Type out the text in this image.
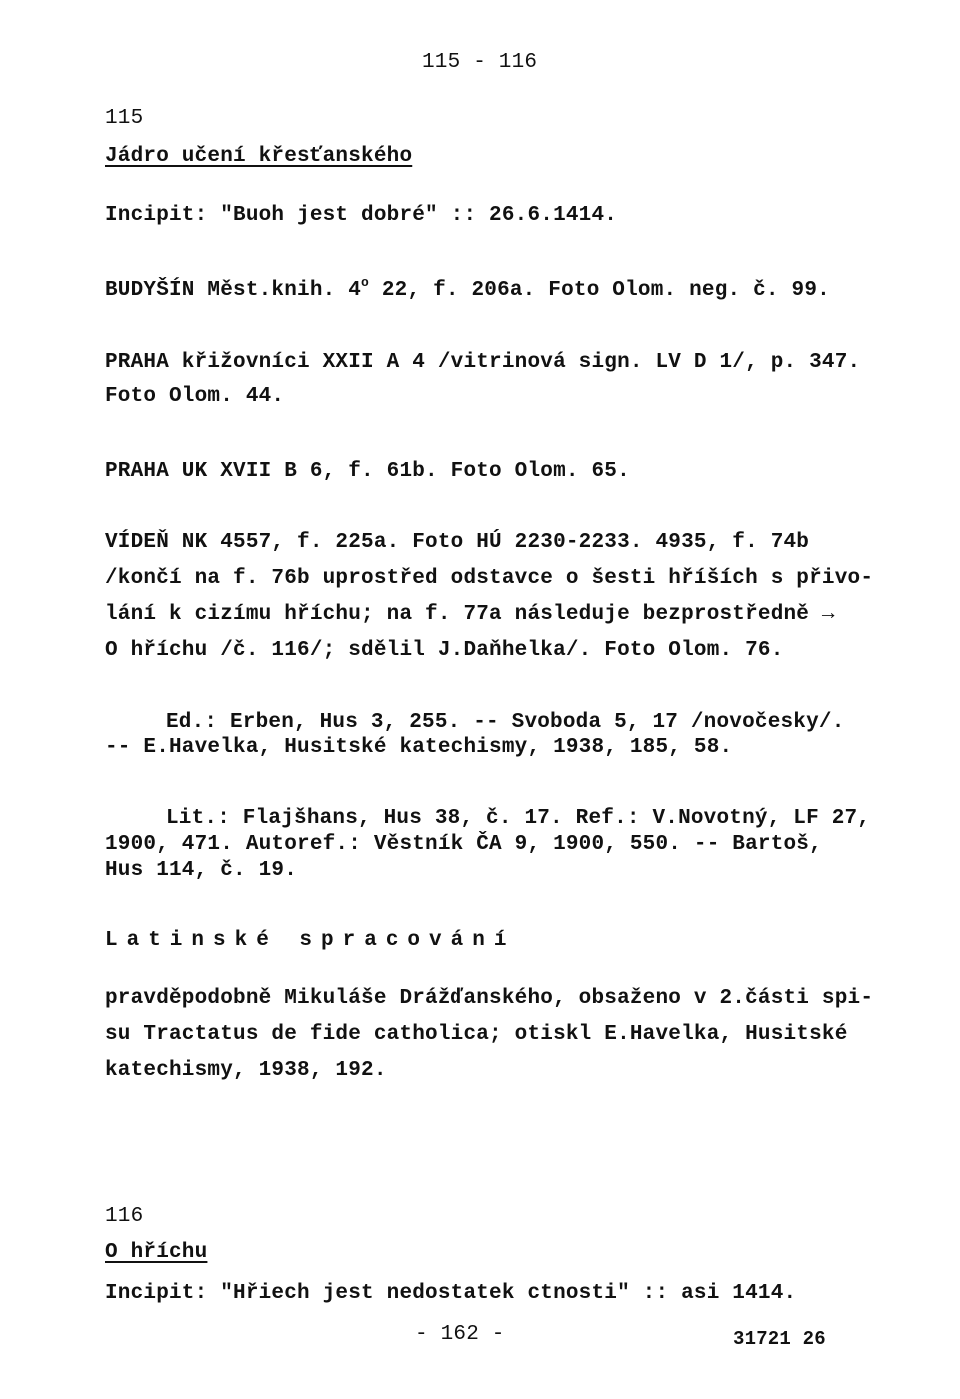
115 - 116
115
Jádro učení křesťanského
Incipit: "Buoh jest dobré" :: 26.6.1414.
BUDYŠÍN Měst.knih. 4$^o$ 22, f. 206a. Foto Olom. neg. č. 99.
PRAHA křižovníci XXII A 4 /vitrinová sign. LV D 1/, p. 347.
Foto Olom. 44.
PRAHA UK XVII B 6, f. 61b. Foto Olom. 65.
VÍDEŇ NK 4557, f. 225a. Foto HÚ 2230-2233. 4935, f. 74b
/končí na f. 76b uprostřed odstavce o šesti hříších s přivo-
lání k cizímu hříchu; na f. 77a následuje bezprostředně →
O hříchu /č. 116/; sdělil J.Daňhelka/. Foto Olom. 76.
Ed.: Erben, Hus 3, 255. -- Svoboda 5, 17 /novočesky/.
-- E.Havelka, Husitské katechismy, 1938, 185, 58.
Lit.: Flajšhans, Hus 38, č. 17. Ref.: V.Novotný, LF 27,
1900, 471. Autoref.: Věstník ČA 9, 1900, 550. -- Bartoš,
Hus 114, č. 19.
Latinské spracování
pravděpodobně Mikuláše Drážďanského, obsaženo v 2.části spi-
su Tractatus de fide catholica; otiskl E.Havelka, Husitské
katechismy, 1938, 192.
116
O hříchu
Incipit: "Hřiech jest nedostatek ctnosti" :: asi 1414.
- 162 -	31721 26
